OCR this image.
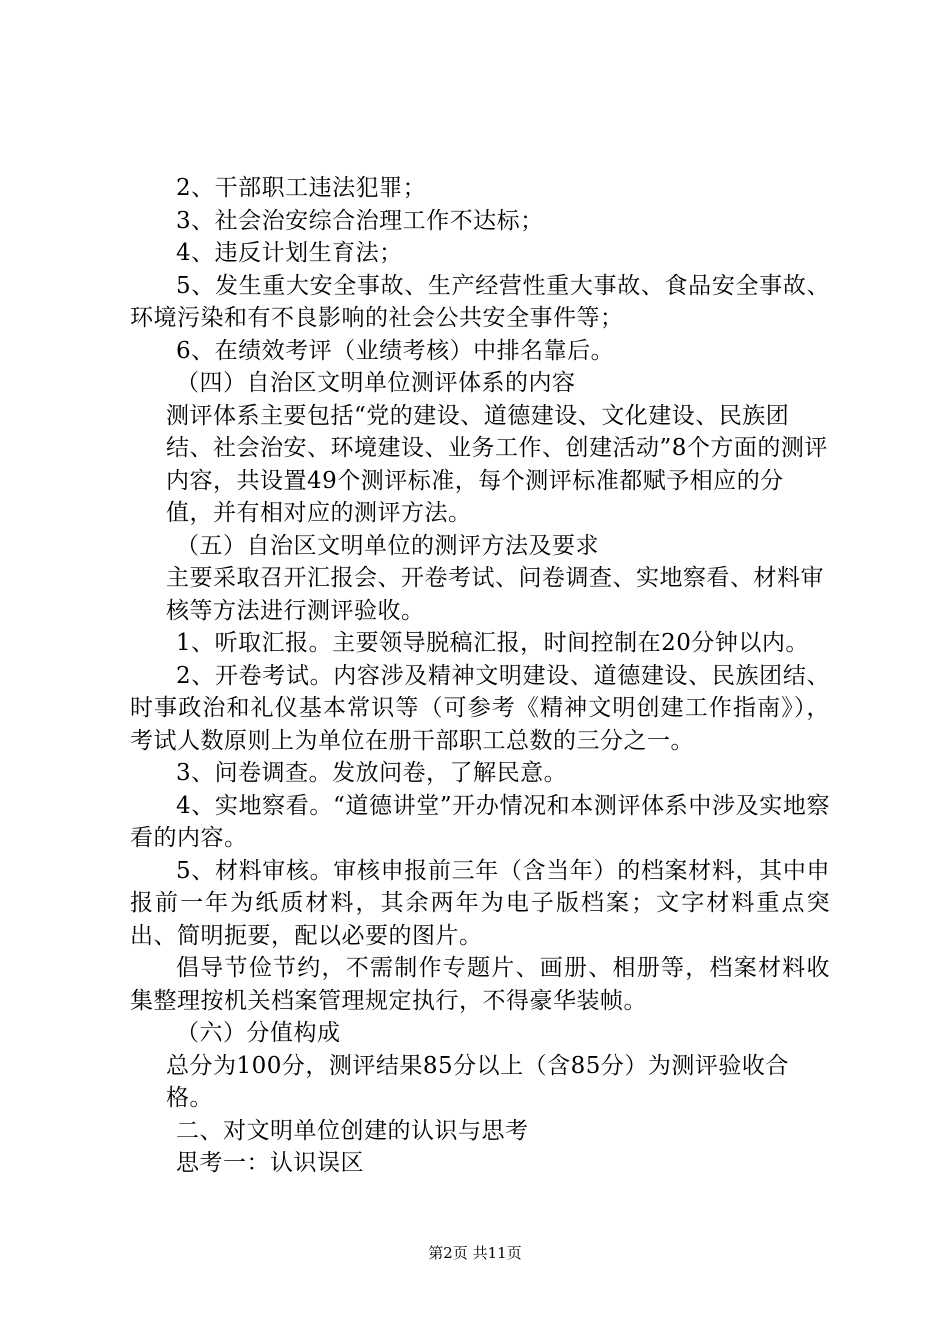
2、干部职工违法犯罪；

3、社会治安综合治理工作不达标；

4、违反计划生育法；

5、发生重大安全事故、生产经营性重大事故、食品安全事故、环境污染和有不良影响的社会公共安全事件等；

6、在绩效考评（业绩考核）中排名靠后。

（四）自治区文明单位测评体系的内容

测评体系主要包括“党的建设、道德建设、文化建设、民族团结、社会治安、环境建设、业务工作、创建活动”8个方面的测评内容，共设置49个测评标准，每个测评标准都赋予相应的分值，并有相对应的测评方法。

（五）自治区文明单位的测评方法及要求

主要采取召开汇报会、开卷考试、问卷调查、实地察看、材料审核等方法进行测评验收。

1、听取汇报。主要领导脱稿汇报，时间控制在20分钟以内。

2、开卷考试。内容涉及精神文明建设、道德建设、民族团结、时事政治和礼仪基本常识等（可参考《精神文明创建工作指南》），考试人数原则上为单位在册干部职工总数的三分之一。

3、问卷调查。发放问卷，了解民意。

4、实地察看。“道德讲堂”开办情况和本测评体系中涉及实地察看的内容。

5、材料审核。审核申报前三年（含当年）的档案材料，其中申报前一年为纸质材料，其余两年为电子版档案；文字材料重点突出、简明扼要，配以必要的图片。

倡导节俭节约，不需制作专题片、画册、相册等，档案材料收集整理按机关档案管理规定执行，不得豪华装帧。

（六）分值构成

总分为100分，测评结果85分以上（含85分）为测评验收合格。

二、对文明单位创建的认识与思考

思考一：认识误区

第2页 共11页
